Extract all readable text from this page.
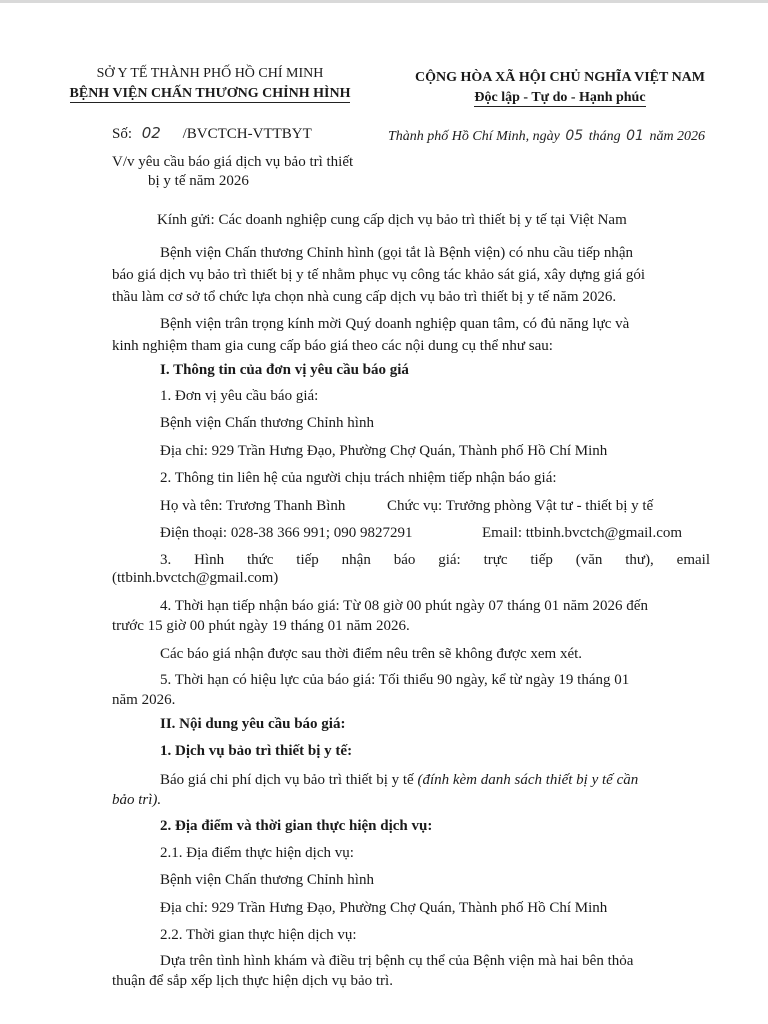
SỞ Y TẾ THÀNH PHỐ HỒ CHÍ MINH
BỆNH VIỆN CHẤN THƯƠNG CHỈNH HÌNH
CỘNG HÒA XÃ HỘI CHỦ NGHĨA VIỆT NAM
Độc lập - Tự do - Hạnh phúc
Số: 02 /BVCTCH-VTTBYT	Thành phố Hồ Chí Minh, ngày 05 tháng 01 năm 2026
V/v yêu cầu báo giá dịch vụ bảo trì thiết
bị y tế năm 2026
Kính gửi: Các doanh nghiệp cung cấp dịch vụ bảo trì thiết bị y tế tại Việt Nam
Bệnh viện Chấn thương Chỉnh hình (gọi tắt là Bệnh viện) có nhu cầu tiếp nhận
báo giá dịch vụ bảo trì thiết bị y tế nhằm phục vụ công tác khảo sát giá, xây dựng giá gói
thầu làm cơ sở tổ chức lựa chọn nhà cung cấp dịch vụ bảo trì thiết bị y tế năm 2026.
Bệnh viện trân trọng kính mời Quý doanh nghiệp quan tâm, có đủ năng lực và
kinh nghiệm tham gia cung cấp báo giá theo các nội dung cụ thể như sau:
I. Thông tin của đơn vị yêu cầu báo giá
1. Đơn vị yêu cầu báo giá:
Bệnh viện Chấn thương Chỉnh hình
Địa chỉ: 929 Trần Hưng Đạo, Phường Chợ Quán, Thành phố Hồ Chí Minh
2. Thông tin liên hệ của người chịu trách nhiệm tiếp nhận báo giá:
Họ và tên: Trương Thanh Bình	Chức vụ: Trưởng phòng Vật tư - thiết bị y tế
Điện thoại: 028-38 366 991; 090 9827291	Email: ttbinh.bvctch@gmail.com
3. Hình thức tiếp nhận báo giá: trực tiếp (văn thư), email
(ttbinh.bvctch@gmail.com)
4. Thời hạn tiếp nhận báo giá: Từ 08 giờ 00 phút ngày 07 tháng 01 năm 2026 đến
trước 15 giờ 00 phút ngày 19 tháng 01 năm 2026.
Các báo giá nhận được sau thời điểm nêu trên sẽ không được xem xét.
5. Thời hạn có hiệu lực của báo giá: Tối thiểu 90 ngày, kể từ ngày 19 tháng 01
năm 2026.
II. Nội dung yêu cầu báo giá:
1. Dịch vụ bảo trì thiết bị y tế:
Báo giá chi phí dịch vụ bảo trì thiết bị y tế (đính kèm danh sách thiết bị y tế cần
bảo trì).
2. Địa điểm và thời gian thực hiện dịch vụ:
2.1. Địa điểm thực hiện dịch vụ:
Bệnh viện Chấn thương Chỉnh hình
Địa chỉ: 929 Trần Hưng Đạo, Phường Chợ Quán, Thành phố Hồ Chí Minh
2.2. Thời gian thực hiện dịch vụ:
Dựa trên tình hình khám và điều trị bệnh cụ thể của Bệnh viện mà hai bên thỏa
thuận để sắp xếp lịch thực hiện dịch vụ bảo trì.
